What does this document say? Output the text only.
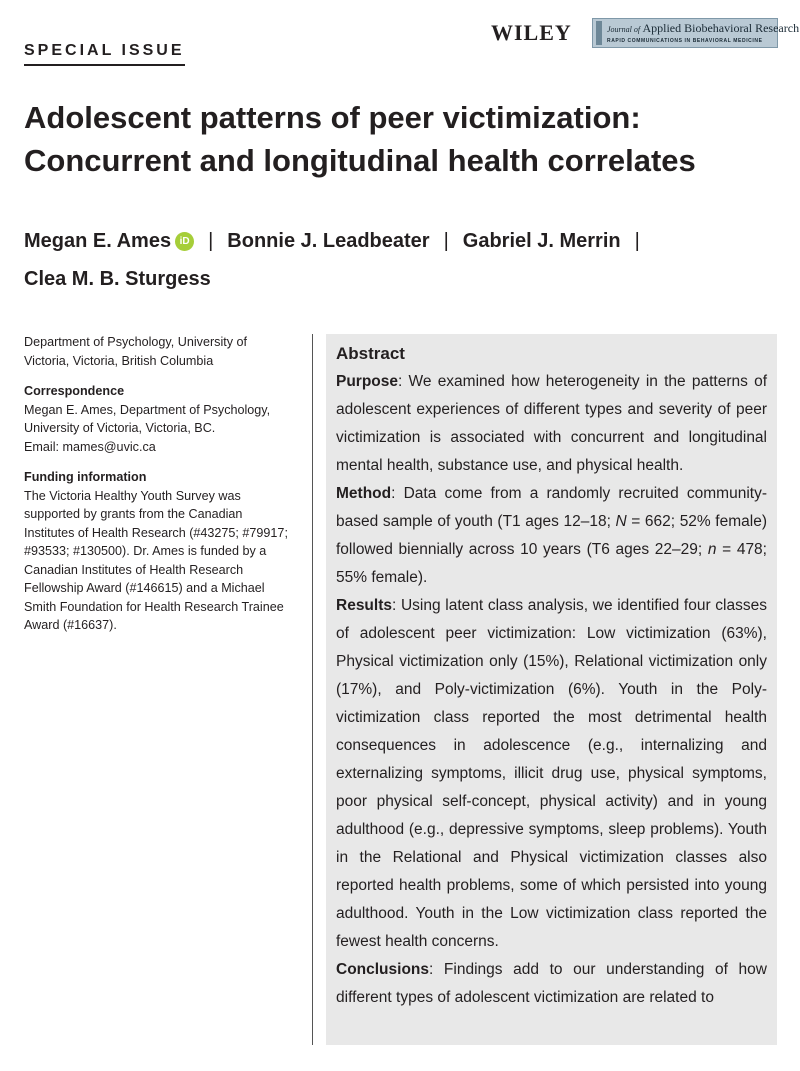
SPECIAL ISSUE
WILEY	Journal of Applied Biobehavioral Research
RAPID COMMUNICATIONS IN BEHAVIORAL MEDICINE
Adolescent patterns of peer victimization:
Concurrent and longitudinal health correlates
Megan E. Ames iD | Bonnie J. Leadbeater | Gabriel J. Merrin |
Clea M. B. Sturgess
Department of Psychology, University of Victoria, Victoria, British Columbia
Correspondence
Megan E. Ames, Department of Psychology, University of Victoria, Victoria, BC.
Email: mames@uvic.ca
Funding information
The Victoria Healthy Youth Survey was supported by grants from the Canadian Institutes of Health Research (#43275; #79917; #93533; #130500). Dr. Ames is funded by a Canadian Institutes of Health Research Fellowship Award (#146615) and a Michael Smith Foundation for Health Research Trainee Award (#16637).
Abstract

Purpose: We examined how heterogeneity in the patterns of adolescent experiences of different types and severity of peer victimization is associated with concurrent and longitudinal mental health, substance use, and physical health.

Method: Data come from a randomly recruited community-based sample of youth (T1 ages 12–18; N = 662; 52% female) followed biennially across 10 years (T6 ages 22–29; n = 478; 55% female).

Results: Using latent class analysis, we identified four classes of adolescent peer victimization: Low victimization (63%), Physical victimization only (15%), Relational victimization only (17%), and Poly-victimization (6%). Youth in the Poly-victimization class reported the most detrimental health consequences in adolescence (e.g., internalizing and externalizing symptoms, illicit drug use, physical symptoms, poor physical self-concept, physical activity) and in young adulthood (e.g., depressive symptoms, sleep problems). Youth in the Relational and Physical victimization classes also reported health problems, some of which persisted into young adulthood. Youth in the Low victimization class reported the fewest health concerns.

Conclusions: Findings add to our understanding of how different types of adolescent victimization are related to
